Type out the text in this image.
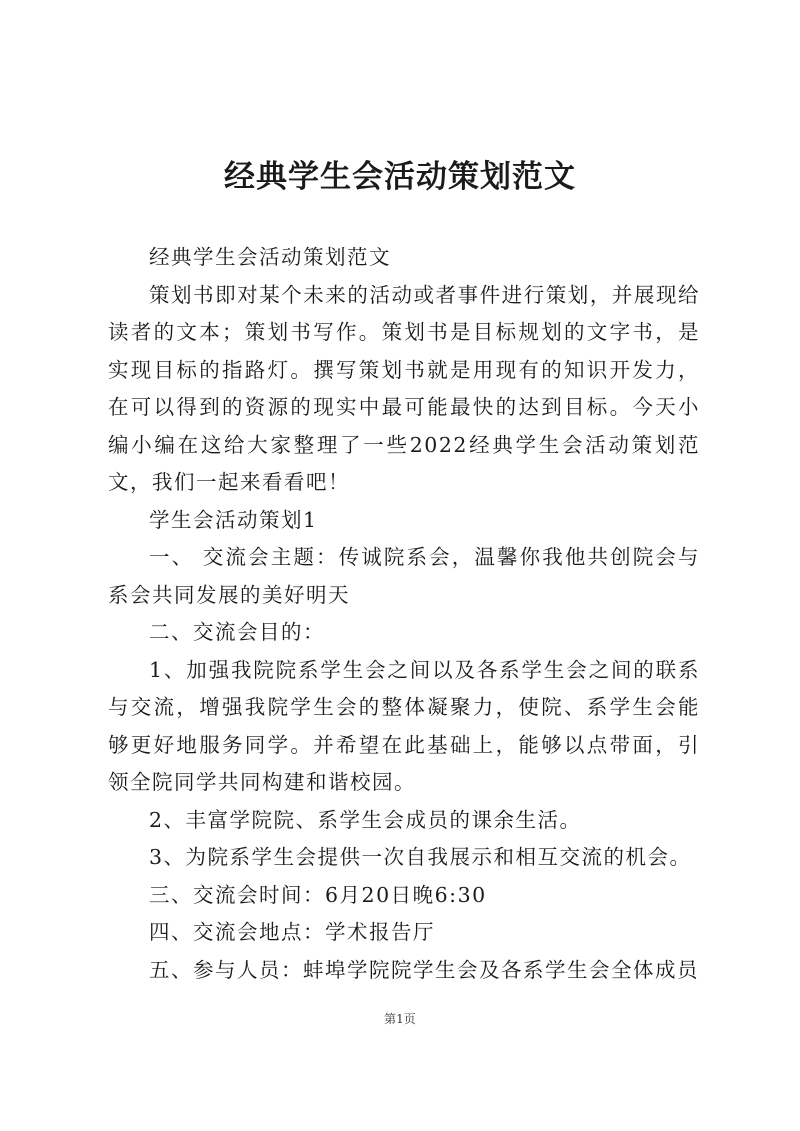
经典学生会活动策划范文

经典学生会活动策划范文

策划书即对某个未来的活动或者事件进行策划，并展现给读者的文本；策划书写作。策划书是目标规划的文字书，是实现目标的指路灯。撰写策划书就是用现有的知识开发力，在可以得到的资源的现实中最可能最快的达到目标。今天小编小编在这给大家整理了一些2022经典学生会活动策划范文，我们一起来看看吧！

学生会活动策划1

一、 交流会主题：传诚院系会，温馨你我他共创院会与系会共同发展的美好明天

二、交流会目的：

1、加强我院院系学生会之间以及各系学生会之间的联系与交流，增强我院学生会的整体凝聚力，使院、系学生会能够更好地服务同学。并希望在此基础上，能够以点带面，引领全院同学共同构建和谐校园。

2、丰富学院院、系学生会成员的课余生活。

3、为院系学生会提供一次自我展示和相互交流的机会。

三、交流会时间：6月20日晚6:30

四、交流会地点：学术报告厅

五、参与人员：蚌埠学院院学生会及各系学生会全体成员

第1页
